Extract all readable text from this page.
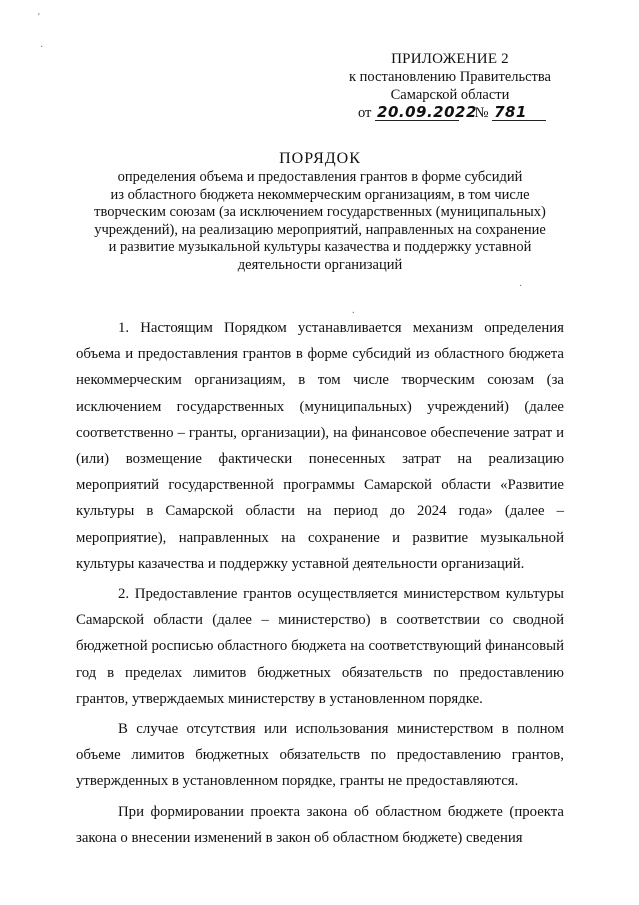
'
·
ПРИЛОЖЕНИЕ 2
к постановлению Правительства
Самарской области
от 20.09.2022 № 781
ПОРЯДОК
определения объема и предоставления грантов в форме субсидий
из областного бюджета некоммерческим организациям, в том числе
творческим союзам (за исключением государственных (муниципальных)
учреждений), на реализацию мероприятий, направленных на сохранение
и развитие музыкальной культуры казачества и поддержку уставной
деятельности организаций
·
.

1. Настоящим Порядком устанавливается механизм определения объема и предоставления грантов в форме субсидий из областного бюджета некоммерческим организациям, в том числе творческим союзам (за исключением государственных (муниципальных) учреждений) (далее соответственно – гранты, организации), на финансовое обеспечение затрат и (или) возмещение фактически понесенных затрат на реализацию мероприятий государственной программы Самарской области «Развитие культуры в Самарской области на период до 2024 года» (далее – мероприятие), направленных на сохранение и развитие музыкальной культуры казачества и поддержку уставной деятельности организаций.

2. Предоставление грантов осуществляется министерством культуры Самарской области (далее – министерство) в соответствии со сводной бюджетной росписью областного бюджета на соответствующий финансовый год в пределах лимитов бюджетных обязательств по предоставлению грантов, утверждаемых министерству в установленном порядке.

В случае отсутствия или использования министерством в полном объеме лимитов бюджетных обязательств по предоставлению грантов, утвержденных в установленном порядке, гранты не предоставляются.

При формировании проекта закона об областном бюджете (проекта закона о внесении изменений в закон об областном бюджете) сведения
